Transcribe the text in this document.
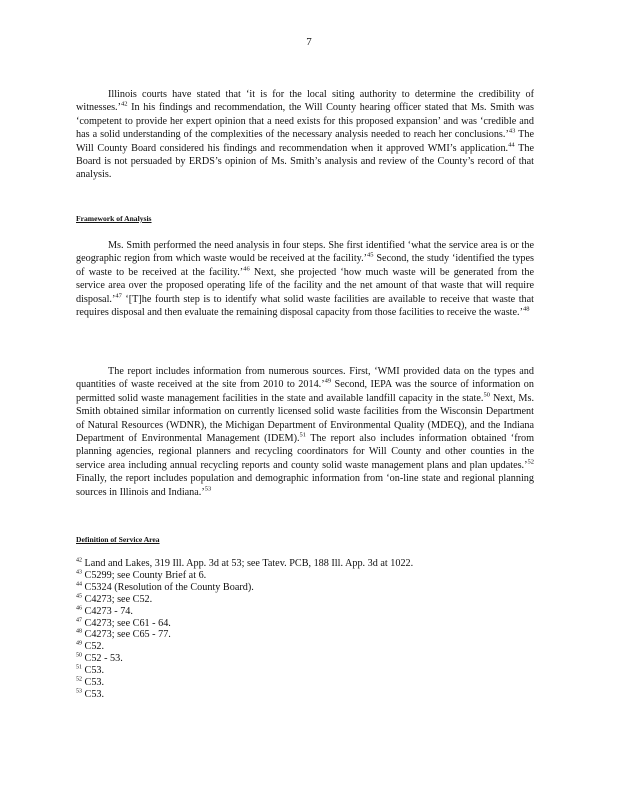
7

Illinois courts have stated that ‘it is for the local siting authority to determine the credibility of witnesses.’$^{42}$ In his findings and recommendation, the Will County hearing officer stated that Ms. Smith was ‘competent to provide her expert opinion that a need exists for this proposed expansion’ and was ‘credible and has a solid understanding of the complexities of the necessary analysis needed to reach her conclusions.’$^{43}$ The Will County Board considered his findings and recommendation when it approved WMI’s application.$^{44}$ The Board is not persuaded by ERDS’s opinion of Ms. Smith’s analysis and review of the County’s record of that analysis.

Framework of Analysis

Ms. Smith performed the need analysis in four steps. She first identified ‘what the service area is or the geographic region from which waste would be received at the facility.’$^{45}$ Second, the study ‘identified the types of waste to be received at the facility.’$^{46}$ Next, she projected ‘how much waste will be generated from the service area over the proposed operating life of the facility and the net amount of that waste that will require disposal.’$^{47}$ ‘[T]he fourth step is to identify what solid waste facilities are available to receive that waste that requires disposal and then evaluate the remaining disposal capacity from those facilities to receive the waste.’$^{48}$

The report includes information from numerous sources. First, ‘WMI provided data on the types and quantities of waste received at the site from 2010 to 2014.’$^{49}$ Second, IEPA was the source of information on permitted solid waste management facilities in the state and available landfill capacity in the state.$^{50}$ Next, Ms. Smith obtained similar information on currently licensed solid waste facilities from the Wisconsin Department of Natural Resources (WDNR), the Michigan Department of Environmental Quality (MDEQ), and the Indiana Department of Environmental Management (IDEM).$^{51}$ The report also includes information obtained ‘from planning agencies, regional planners and recycling coordinators for Will County and other counties in the service area including annual recycling reports and county solid waste management plans and plan updates.’$^{52}$ Finally, the report includes population and demographic information from ‘on-line state and regional planning sources in Illinois and Indiana.’$^{53}$

Definition of Service Area

$^{42}$ Land and Lakes, 319 Ill. App. 3d at 53; see Tatev. PCB, 188 Ill. App. 3d at 1022.
$^{43}$ C5299; see County Brief at 6.
$^{44}$ C5324 (Resolution of the County Board).
$^{45}$ C4273; see C52.
$^{46}$ C4273 - 74.
$^{47}$ C4273; see C61 - 64.
$^{48}$ C4273; see C65 - 77.
$^{49}$ C52.
$^{50}$ C52 - 53.
$^{51}$ C53.
$^{52}$ C53.
$^{53}$ C53.
